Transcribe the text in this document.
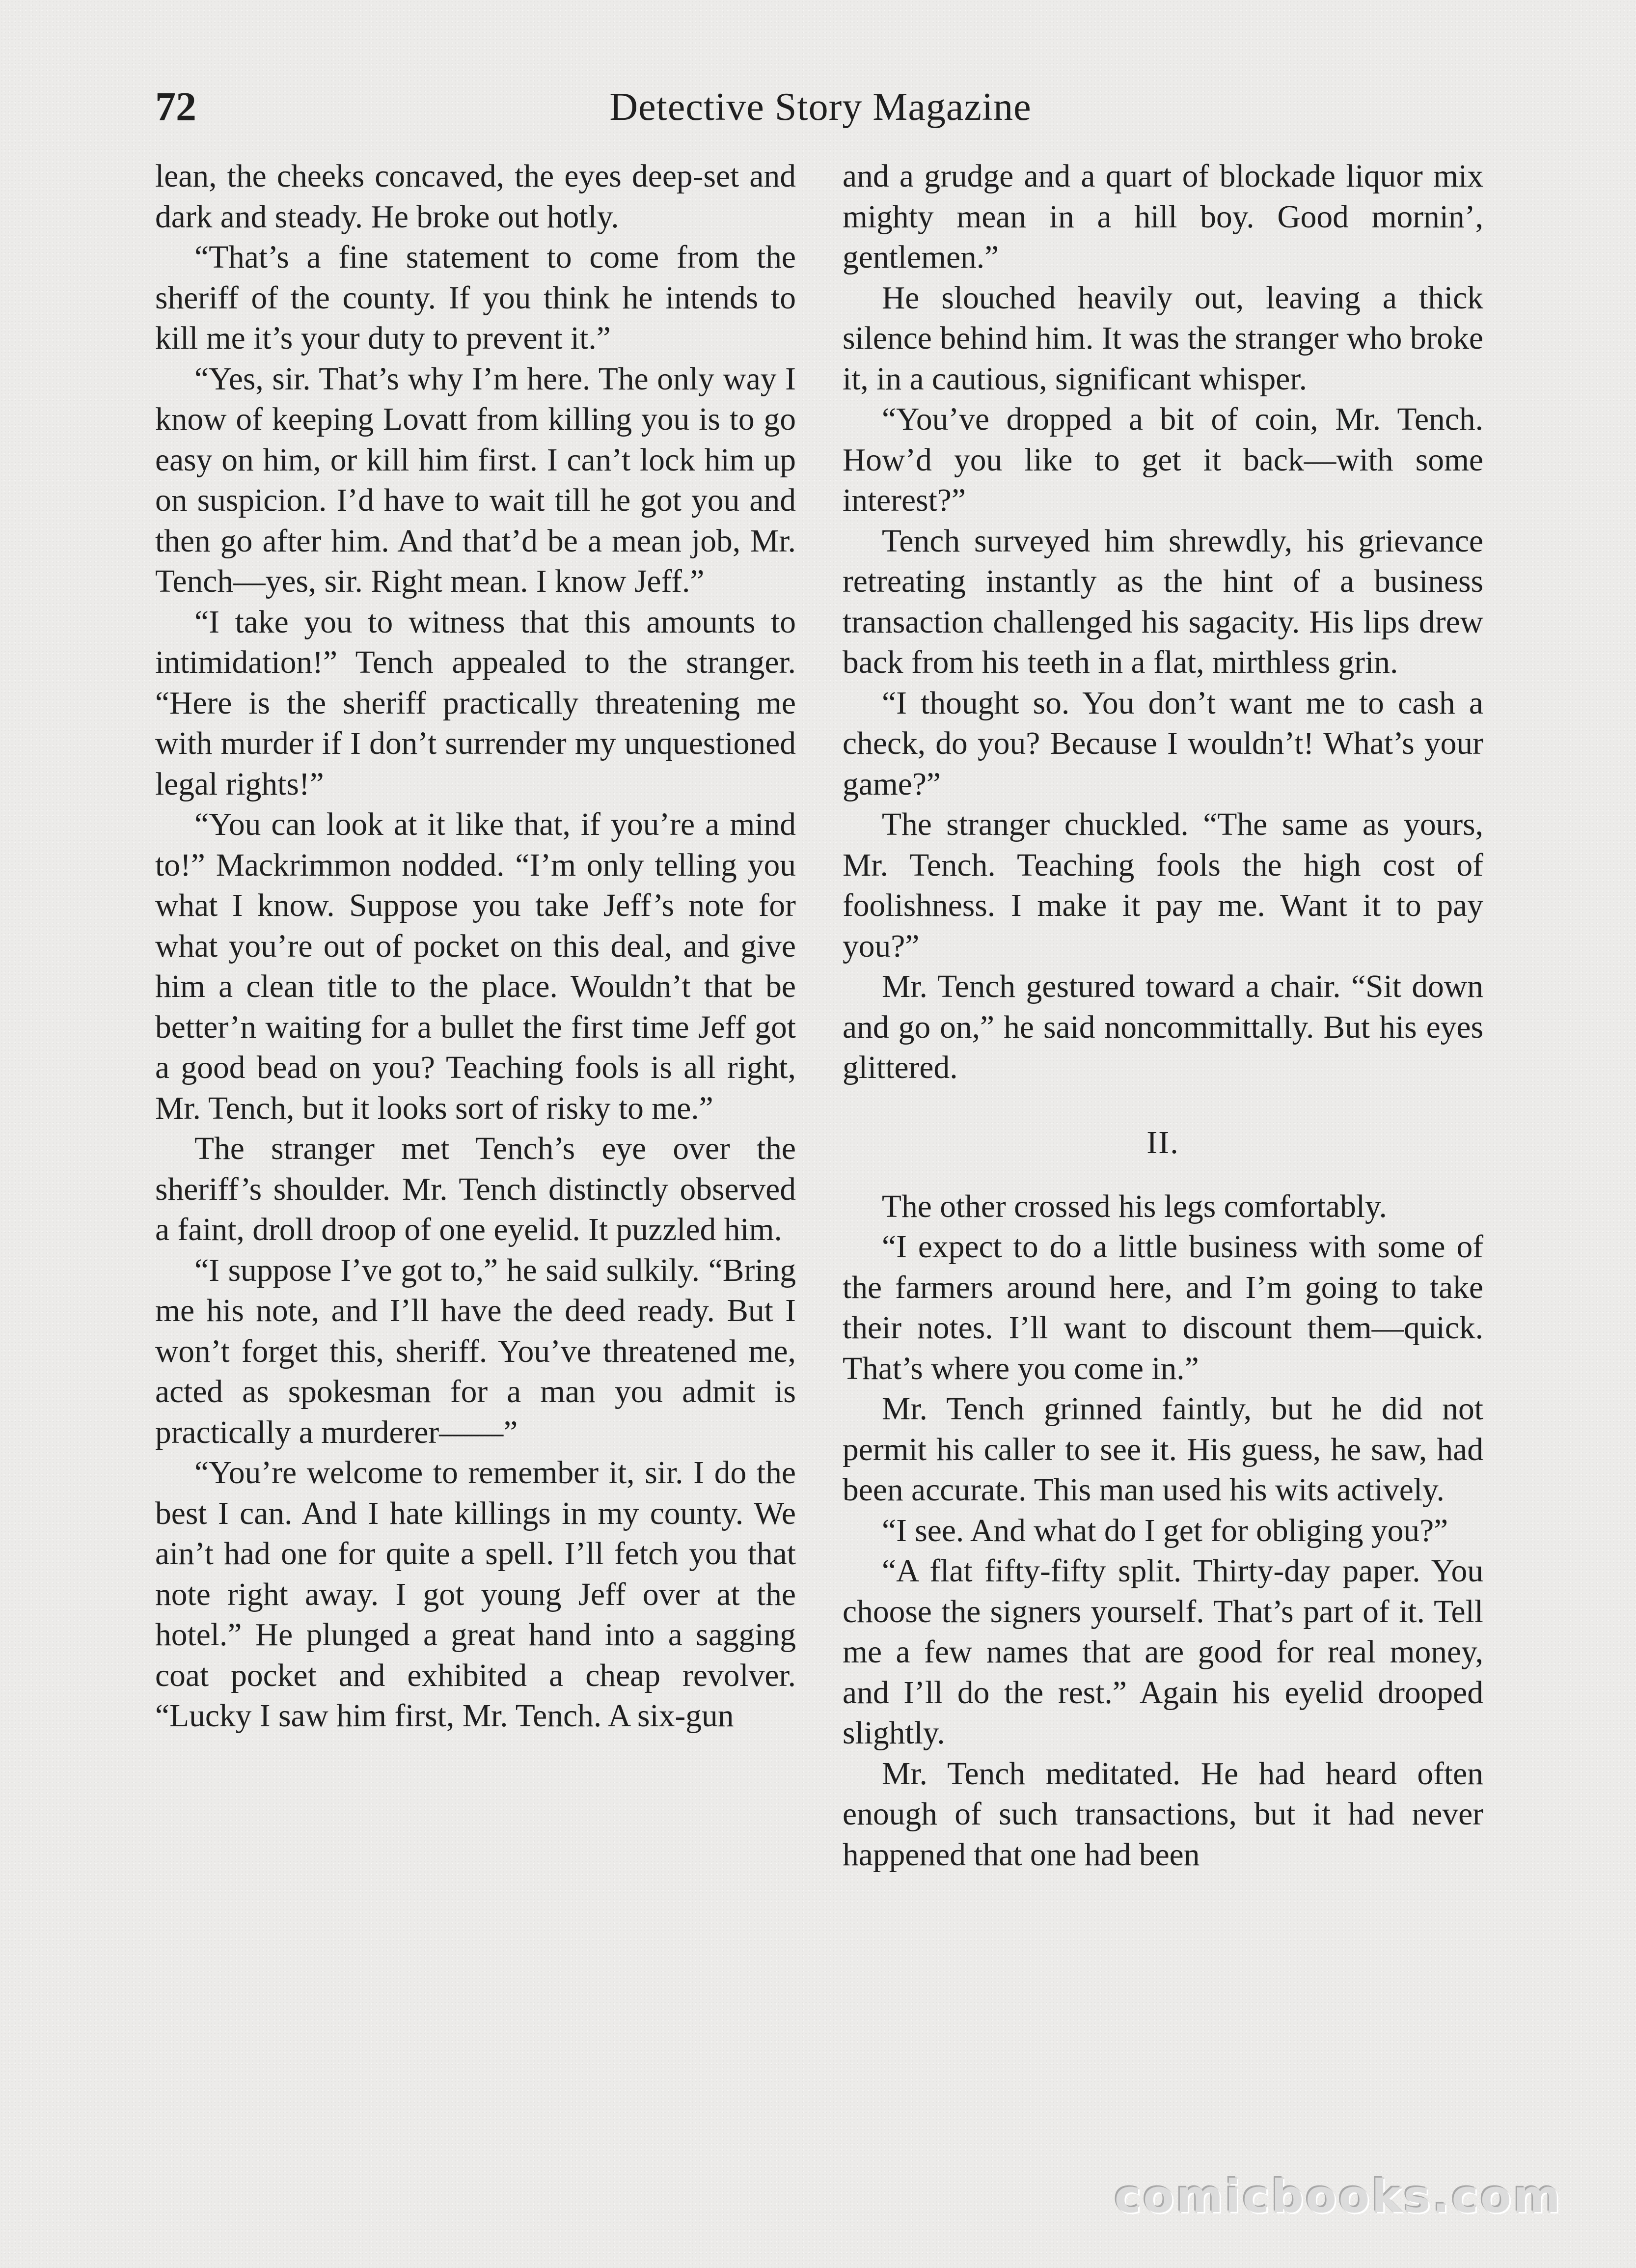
72	Detective Story Magazine

lean, the cheeks concaved, the eyes deep-set and dark and steady. He broke out hotly.

“That’s a fine statement to come from the sheriff of the county. If you think he intends to kill me it’s your duty to prevent it.”

“Yes, sir. That’s why I’m here. The only way I know of keeping Lovatt from killing you is to go easy on him, or kill him first. I can’t lock him up on suspicion. I’d have to wait till he got you and then go after him. And that’d be a mean job, Mr. Tench—yes, sir. Right mean. I know Jeff.”

“I take you to witness that this amounts to intimidation!” Tench appealed to the stranger. “Here is the sheriff practically threatening me with murder if I don’t surrender my unquestioned legal rights!”

“You can look at it like that, if you’re a mind to!” Mackrimmon nodded. “I’m only telling you what I know. Suppose you take Jeff’s note for what you’re out of pocket on this deal, and give him a clean title to the place. Wouldn’t that be better’n waiting for a bullet the first time Jeff got a good bead on you? Teaching fools is all right, Mr. Tench, but it looks sort of risky to me.”

The stranger met Tench’s eye over the sheriff’s shoulder. Mr. Tench distinctly observed a faint, droll droop of one eyelid. It puzzled him.

“I suppose I’ve got to,” he said sulkily. “Bring me his note, and I’ll have the deed ready. But I won’t forget this, sheriff. You’ve threatened me, acted as spokesman for a man you admit is practically a murderer——”

“You’re welcome to remember it, sir. I do the best I can. And I hate killings in my county. We ain’t had one for quite a spell. I’ll fetch you that note right away. I got young Jeff over at the hotel.” He plunged a great hand into a sagging coat pocket and exhibited a cheap revolver. “Lucky I saw him first, Mr. Tench. A six-gun

and a grudge and a quart of blockade liquor mix mighty mean in a hill boy. Good mornin’, gentlemen.”

He slouched heavily out, leaving a thick silence behind him. It was the stranger who broke it, in a cautious, significant whisper.

“You’ve dropped a bit of coin, Mr. Tench. How’d you like to get it back—with some interest?”

Tench surveyed him shrewdly, his grievance retreating instantly as the hint of a business transaction challenged his sagacity. His lips drew back from his teeth in a flat, mirthless grin.

“I thought so. You don’t want me to cash a check, do you? Because I wouldn’t! What’s your game?”

The stranger chuckled. “The same as yours, Mr. Tench. Teaching fools the high cost of foolishness. I make it pay me. Want it to pay you?”

Mr. Tench gestured toward a chair. “Sit down and go on,” he said noncommittally. But his eyes glittered.

II.

The other crossed his legs comfortably.

“I expect to do a little business with some of the farmers around here, and I’m going to take their notes. I’ll want to discount them—quick. That’s where you come in.”

Mr. Tench grinned faintly, but he did not permit his caller to see it. His guess, he saw, had been accurate. This man used his wits actively.

“I see. And what do I get for obliging you?”

“A flat fifty-fifty split. Thirty-day paper. You choose the signers yourself. That’s part of it. Tell me a few names that are good for real money, and I’ll do the rest.” Again his eyelid drooped slightly.

Mr. Tench meditated. He had heard often enough of such transactions, but it had never happened that one had been

comicbooks.com
